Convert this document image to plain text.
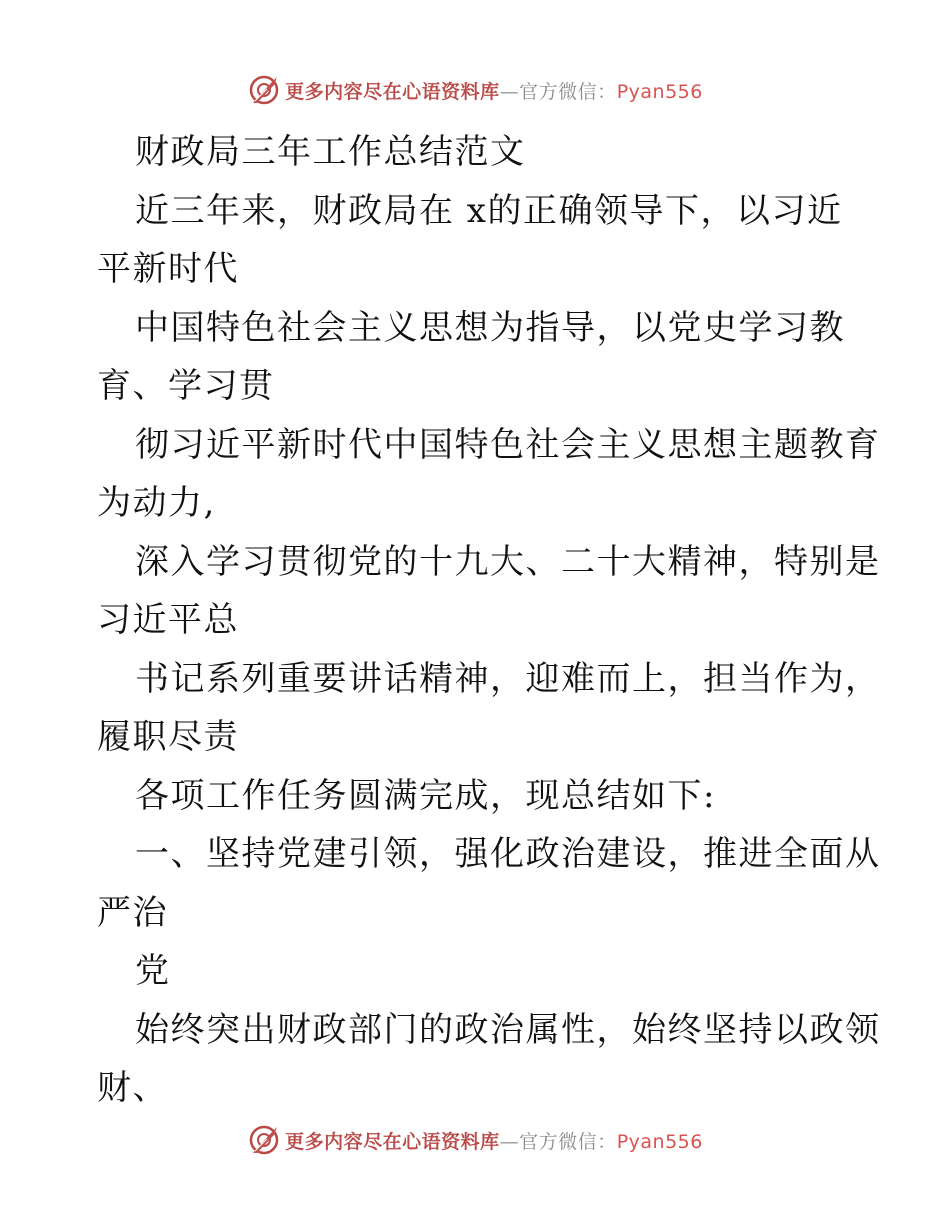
更多内容尽在心语资料库—官方微信：Pyan556
财政局三年工作总结范文
近三年来，财政局在 x的正确领导下，以习近
平新时代
中国特色社会主义思想为指导，以党史学习教
育、学习贯
彻习近平新时代中国特色社会主义思想主题教育
为动力,
深入学习贯彻党的十九大、二十大精神，特别是
习近平总
书记系列重要讲话精神，迎难而上，担当作为，
履职尽责
各项工作任务圆满完成，现总结如下:
一、坚持党建引领，强化政治建设，推进全面从
严治
党
始终突出财政部门的政治属性，始终坚持以政领
财、
更多内容尽在心语资料库—官方微信：Pyan556
